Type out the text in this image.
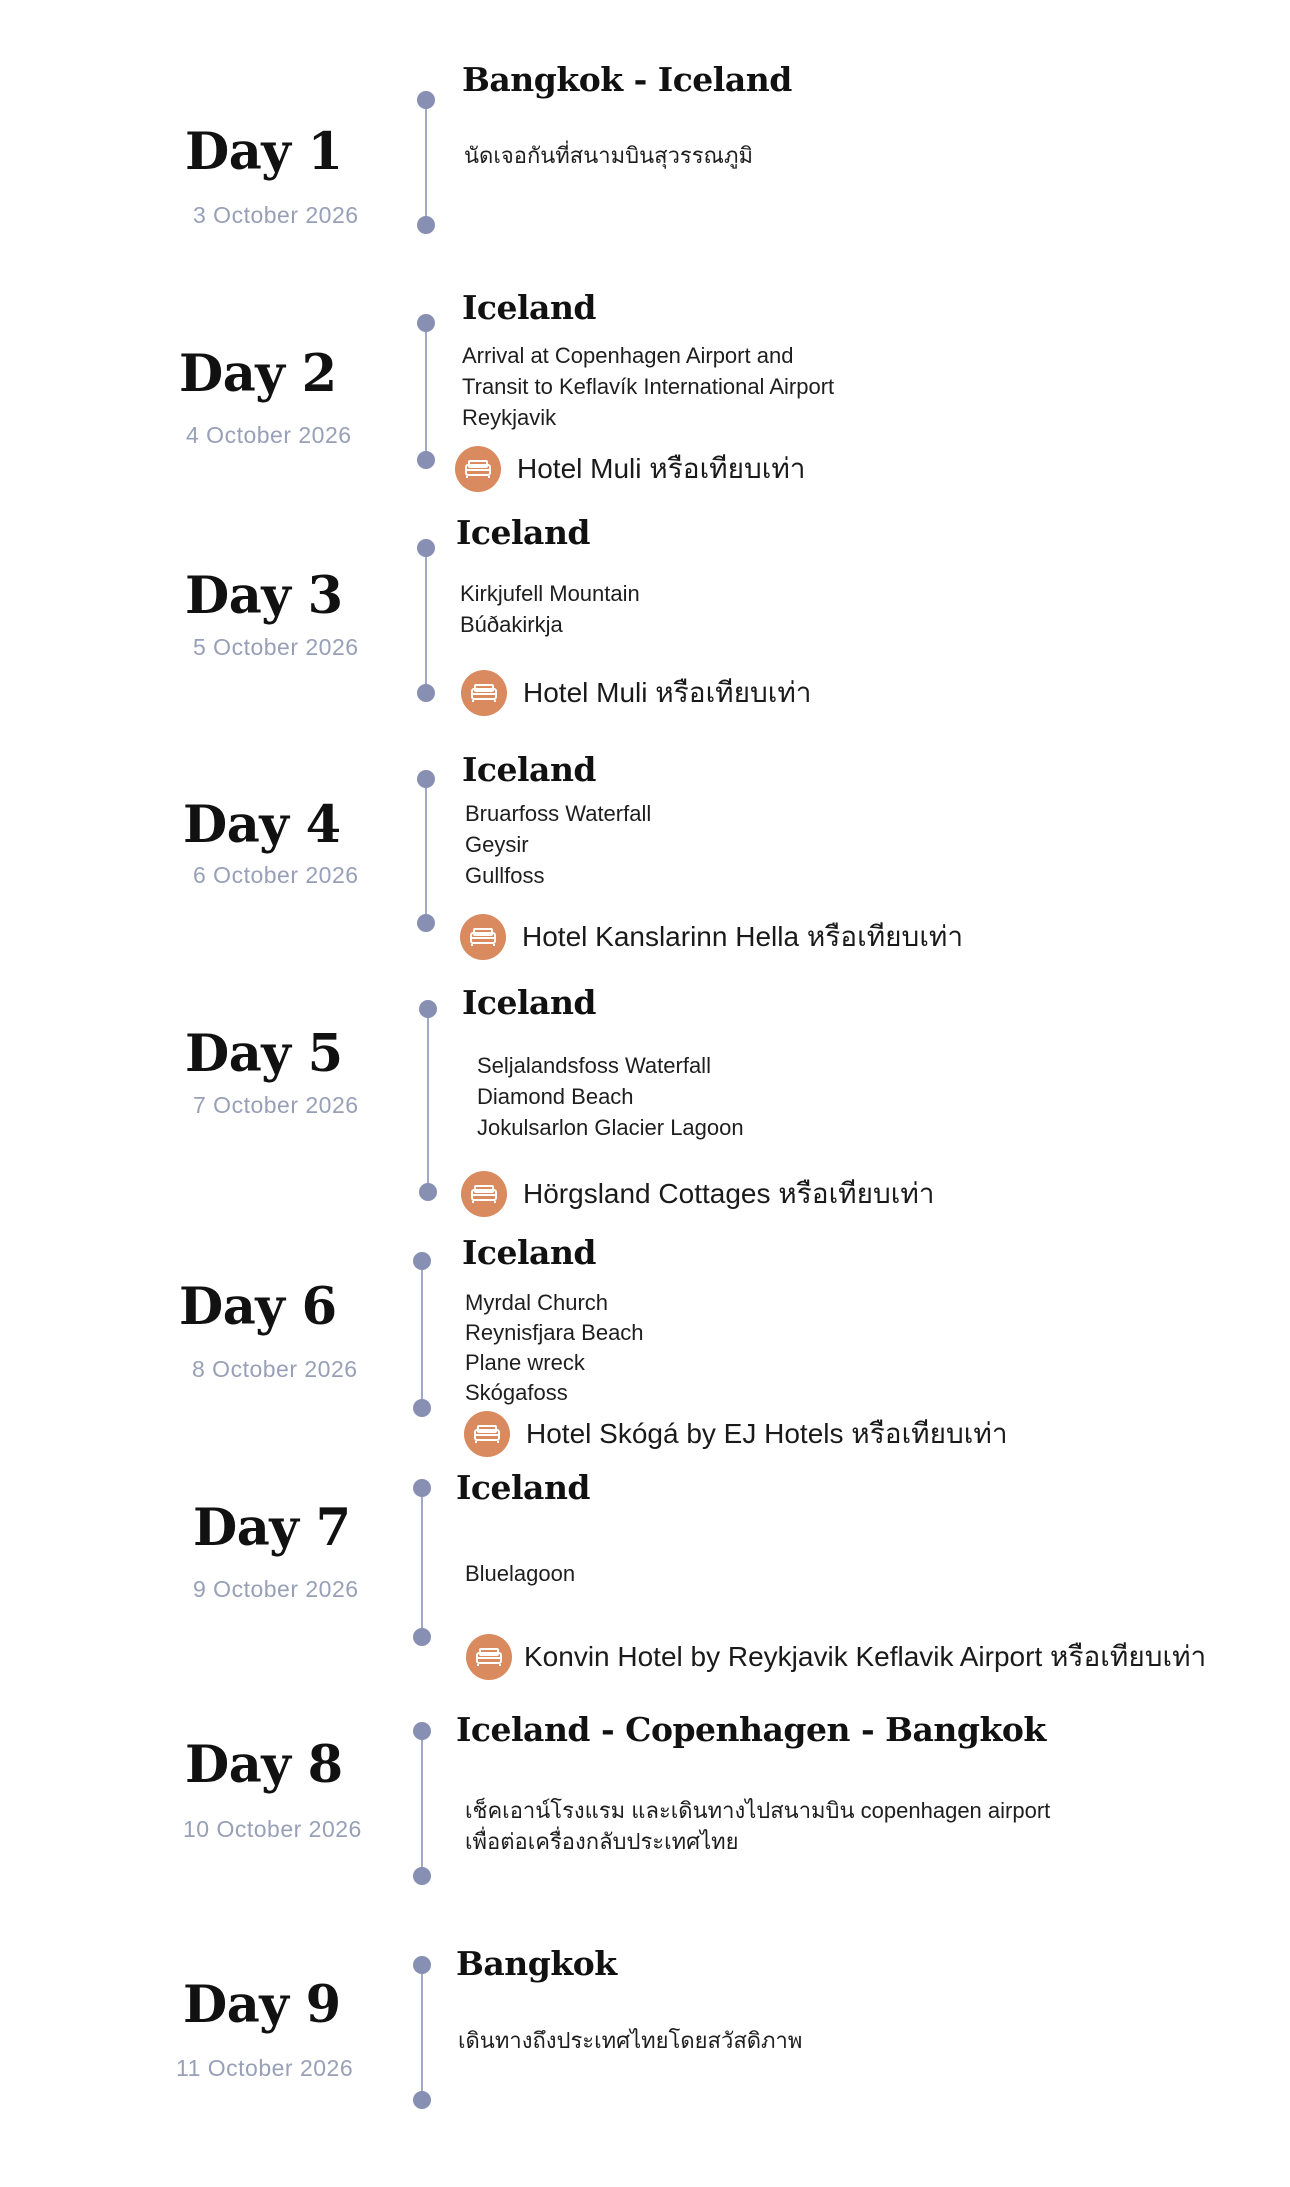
Day 1
3 October 2026
Bangkok - Iceland
นัดเจอกันที่สนามบินสุวรรณภูมิ
Day 2
4 October 2026
Iceland
Arrival at Copenhagen Airport and
Transit to Keflavík International Airport
Reykjavik
Hotel Muli หรือเทียบเท่า
Day 3
5 October 2026
Iceland
Kirkjufell Mountain
Búðakirkja
Hotel Muli หรือเทียบเท่า
Day 4
6 October 2026
Iceland
Bruarfoss Waterfall
Geysir
Gullfoss
Hotel Kanslarinn Hella หรือเทียบเท่า
Day 5
7 October 2026
Iceland
Seljalandsfoss Waterfall
Diamond Beach
Jokulsarlon Glacier Lagoon
Hörgsland Cottages หรือเทียบเท่า
Day 6
8 October 2026
Iceland
Myrdal Church
Reynisfjara Beach
Plane wreck
Skógafoss
Hotel Skógá by EJ Hotels หรือเทียบเท่า
Day 7
9 October 2026
Iceland
Bluelagoon
Konvin Hotel by Reykjavik Keflavik Airport หรือเทียบเท่า
Day 8
10 October 2026
Iceland - Copenhagen - Bangkok
เช็คเอาน์โรงแรม และเดินทางไปสนามบิน copenhagen airport
เพื่อต่อเครื่องกลับประเทศไทย
Day 9
11 October 2026
Bangkok
เดินทางถึงประเทศไทยโดยสวัสดิภาพ
